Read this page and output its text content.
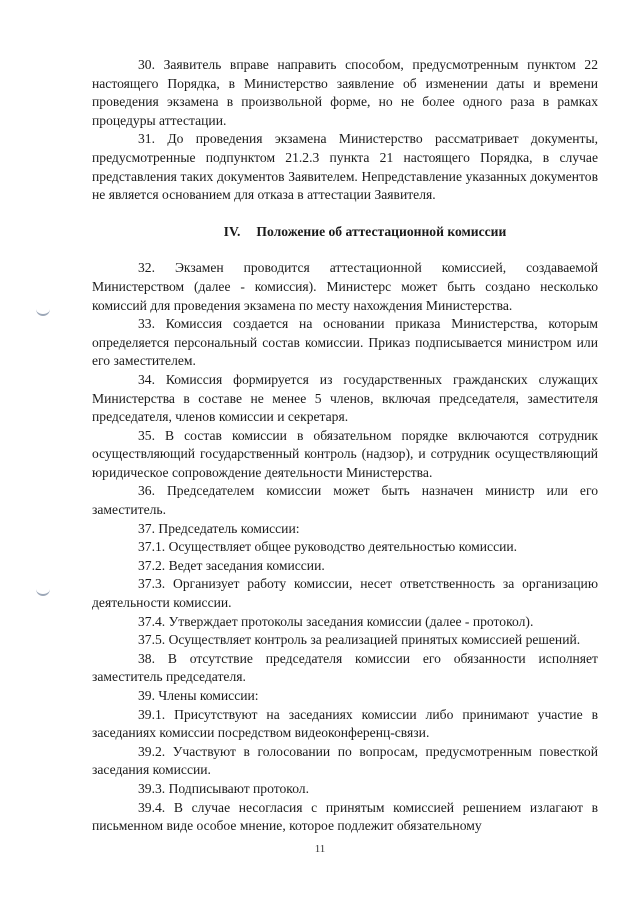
30. Заявитель вправе направить способом, предусмотренным пунктом 22 настоящего Порядка, в Министерство заявление об изменении даты и времени проведения экзамена в произвольной форме, но не более одного раза в рамках процедуры аттестации.

31. До проведения экзамена Министерство рассматривает документы, предусмотренные подпунктом 21.2.3 пункта 21 настоящего Порядка, в случае представления таких документов Заявителем. Непредставление указанных документов не является основанием для отказа в аттестации Заявителя.

IV. Положение об аттестационной комиссии

32. Экзамен проводится аттестационной комиссией, создаваемой Министерством (далее - комиссия). Министерс может быть создано несколько комиссий для проведения экзамена по месту нахождения Министерства.

33. Комиссия создается на основании приказа Министерства, которым определяется персональный состав комиссии. Приказ подписывается министром или его заместителем.

34. Комиссия формируется из государственных гражданских служащих Министерства в составе не менее 5 членов, включая председателя, заместителя председателя, членов комиссии и секретаря.

35. В состав комиссии в обязательном порядке включаются сотрудник осуществляющий государственный контроль (надзор), и сотрудник осуществляющий юридическое сопровождение деятельности Министерства.

36. Председателем комиссии может быть назначен министр или его заместитель.

37. Председатель комиссии:

37.1. Осуществляет общее руководство деятельностью комиссии.

37.2. Ведет заседания комиссии.

37.3. Организует работу комиссии, несет ответственность за организацию деятельности комиссии.

37.4. Утверждает протоколы заседания комиссии (далее - протокол).

37.5. Осуществляет контроль за реализацией принятых комиссией решений.

38. В отсутствие председателя комиссии его обязанности исполняет заместитель председателя.

39. Члены комиссии:

39.1. Присутствуют на заседаниях комиссии либо принимают участие в заседаниях комиссии посредством видеоконференц-связи.

39.2. Участвуют в голосовании по вопросам, предусмотренным повесткой заседания комиссии.

39.3. Подписывают протокол.

39.4. В случае несогласия с принятым комиссией решением излагают в письменном виде особое мнение, которое подлежит обязательному

11
